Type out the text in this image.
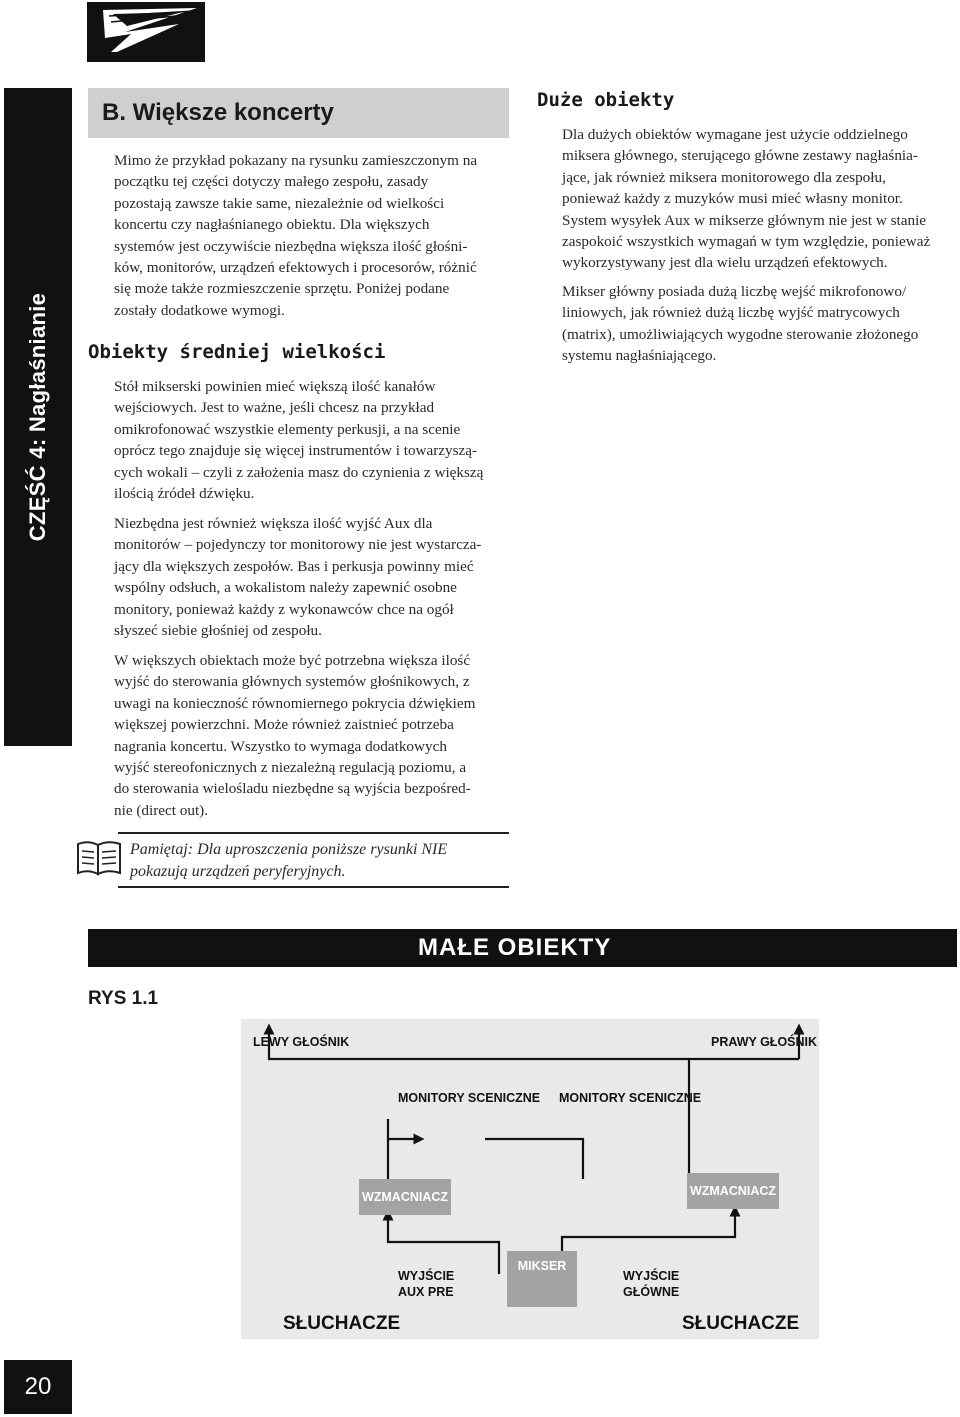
CZĘŚĆ 4: Nagłaśnianie
B. Większe koncerty

Mimo że przykład pokazany na rysunku zamieszczonym na
początku tej części dotyczy małego zespołu, zasady
pozostają zawsze takie same, niezależnie od wielkości
koncertu czy nagłaśnianego obiektu. Dla większych
systemów jest oczywiście niezbędna większa ilość głośni-
ków, monitorów, urządzeń efektowych i procesorów, różnić
się może także rozmieszczenie sprzętu. Poniżej podane
zostały dodatkowe wymogi.

Obiekty średniej wielkości

Stół mikserski powinien mieć większą ilość kanałów
wejściowych. Jest to ważne, jeśli chcesz na przykład
omikrofonować wszystkie elementy perkusji, a na scenie
oprócz tego znajduje się więcej instrumentów i towarzyszą-
cych wokali – czyli z założenia masz do czynienia z większą
ilością źródeł dźwięku.

Niezbędna jest również większa ilość wyjść Aux dla
monitorów – pojedynczy tor monitorowy nie jest wystarcza-
jący dla większych zespołów. Bas i perkusja powinny mieć
wspólny odsłuch, a wokalistom należy zapewnić osobne
monitory, ponieważ każdy z wykonawców chce na ogół
słyszeć siebie głośniej od zespołu.

W większych obiektach może być potrzebna większa ilość
wyjść do sterowania głównych systemów głośnikowych, z
uwagi na konieczność równomiernego pokrycia dźwiękiem
większej powierzchni. Może również zaistnieć potrzeba
nagrania koncertu. Wszystko to wymaga dodatkowych
wyjść stereofonicznych z niezależną regulacją poziomu, a
do sterowania wielośladu niezbędne są wyjścia bezpośred-
nie (direct out).

Pamiętaj: Dla uproszczenia poniższe rysunki NIE
pokazują urządzeń peryferyjnych.

Duże obiekty

Dla dużych obiektów wymagane jest użycie oddzielnego
miksera głównego, sterującego główne zestawy nagłaśnia-
jące, jak również miksera monitorowego dla zespołu,
ponieważ każdy z muzyków musi mieć własny monitor.
System wysyłek Aux w mikserze głównym nie jest w stanie
zaspokoić wszystkich wymagań w tym względzie, ponieważ
wykorzystywany jest dla wielu urządzeń efektowych.

Mikser główny posiada dużą liczbę wejść mikrofonowo/
liniowych, jak również dużą liczbę wyjść matrycowych
(matrix), umożliwiających wygodne sterowanie złożonego
systemu nagłaśniającego.

MAŁE OBIEKTY
RYS 1.1
LEWY GŁOŚNIK	PRAWY GŁOŚNIK
MONITORY SCENICZNE MONITORY SCENICZNE
WZMACNIACZ	WZMACNIACZ
MIKSER
WYJŚCIE
AUX PRE
WYJŚCIE
GŁÓWNE
SŁUCHACZE	SŁUCHACZE
20
